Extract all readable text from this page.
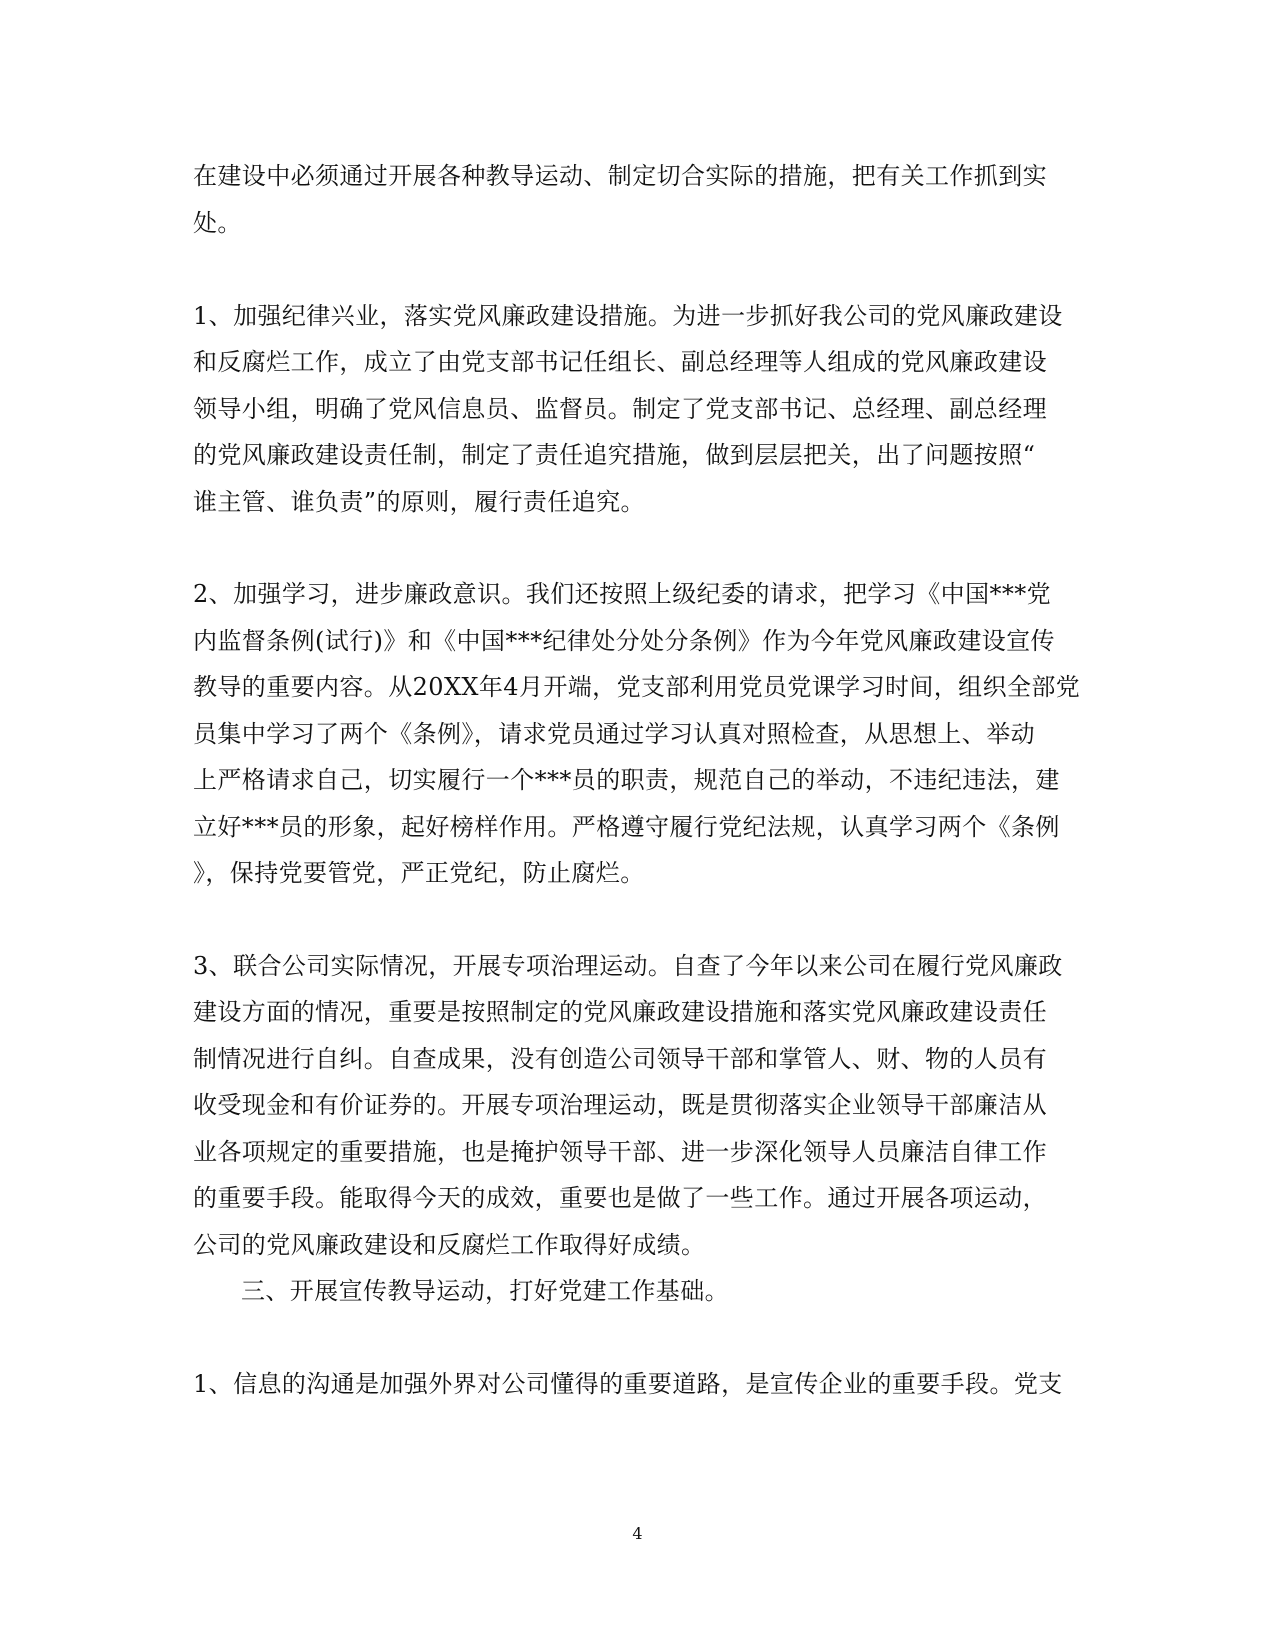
在建设中必须通过开展各种教导运动、制定切合实际的措施，把有关工作抓到实
处。
1、加强纪律兴业，落实党风廉政建设措施。为进一步抓好我公司的党风廉政建设
和反腐烂工作，成立了由党支部书记任组长、副总经理等人组成的党风廉政建设
领导小组，明确了党风信息员、监督员。制定了党支部书记、总经理、副总经理
的党风廉政建设责任制，制定了责任追究措施，做到层层把关，出了问题按照“
谁主管、谁负责”的原则，履行责任追究。
2、加强学习，进步廉政意识。我们还按照上级纪委的请求，把学习《中国***党
内监督条例(试行)》和《中国***纪律处分处分条例》作为今年党风廉政建设宣传
教导的重要内容。从20XX年4月开端，党支部利用党员党课学习时间，组织全部党
员集中学习了两个《条例》，请求党员通过学习认真对照检查，从思想上、举动
上严格请求自己，切实履行一个***员的职责，规范自己的举动，不违纪违法，建
立好***员的形象，起好榜样作用。严格遵守履行党纪法规，认真学习两个《条例
》，保持党要管党，严正党纪，防止腐烂。
3、联合公司实际情况，开展专项治理运动。自查了今年以来公司在履行党风廉政
建设方面的情况，重要是按照制定的党风廉政建设措施和落实党风廉政建设责任
制情况进行自纠。自查成果，没有创造公司领导干部和掌管人、财、物的人员有
收受现金和有价证券的。开展专项治理运动，既是贯彻落实企业领导干部廉洁从
业各项规定的重要措施，也是掩护领导干部、进一步深化领导人员廉洁自律工作
的重要手段。能取得今天的成效，重要也是做了一些工作。通过开展各项运动，
公司的党风廉政建设和反腐烂工作取得好成绩。
三、开展宣传教导运动，打好党建工作基础。
1、信息的沟通是加强外界对公司懂得的重要道路，是宣传企业的重要手段。党支
4
